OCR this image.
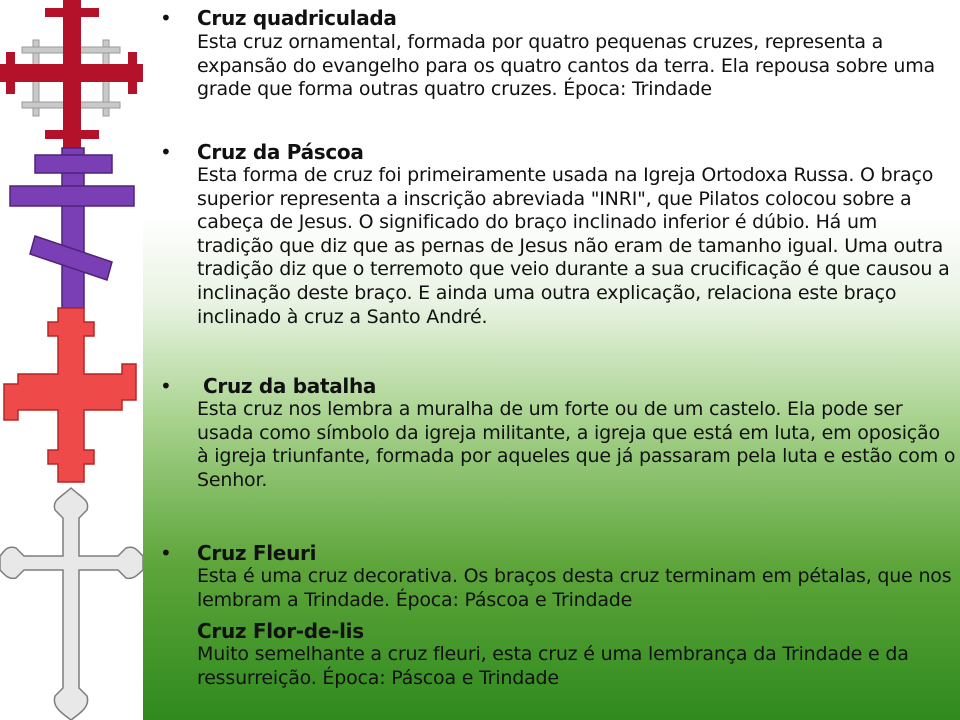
• Cruz quadriculada
Esta cruz ornamental, formada por quatro pequenas cruzes, representa a expansão do evangelho para os quatro cantos da terra. Ela repousa sobre uma grade que forma outras quatro cruzes. Época: Trindade
• Cruz da Páscoa
Esta forma de cruz foi primeiramente usada na Igreja Ortodoxa Russa. O braço superior representa a inscrição abreviada "INRI", que Pilatos colocou sobre a cabeça de Jesus. O significado do braço inclinado inferior é dúbio. Há um tradição que diz que as pernas de Jesus não eram de tamanho igual. Uma outra tradição diz que o terremoto que veio durante a sua crucificação é que causou a inclinação deste braço. E ainda uma outra explicação, relaciona este braço inclinado à cruz a Santo André.
• Cruz da batalha
Esta cruz nos lembra a muralha de um forte ou de um castelo. Ela pode ser usada como símbolo da igreja militante, a igreja que está em luta, em oposição à igreja triunfante, formada por aqueles que já passaram pela luta e estão com o Senhor.
• Cruz Fleuri
Esta é uma cruz decorativa. Os braços desta cruz terminam em pétalas, que nos lembram a Trindade. Época: Páscoa e Trindade
Cruz Flor-de-lis
Muito semelhante a cruz fleuri, esta cruz é uma lembrança da Trindade e da ressurreição. Época: Páscoa e Trindade
